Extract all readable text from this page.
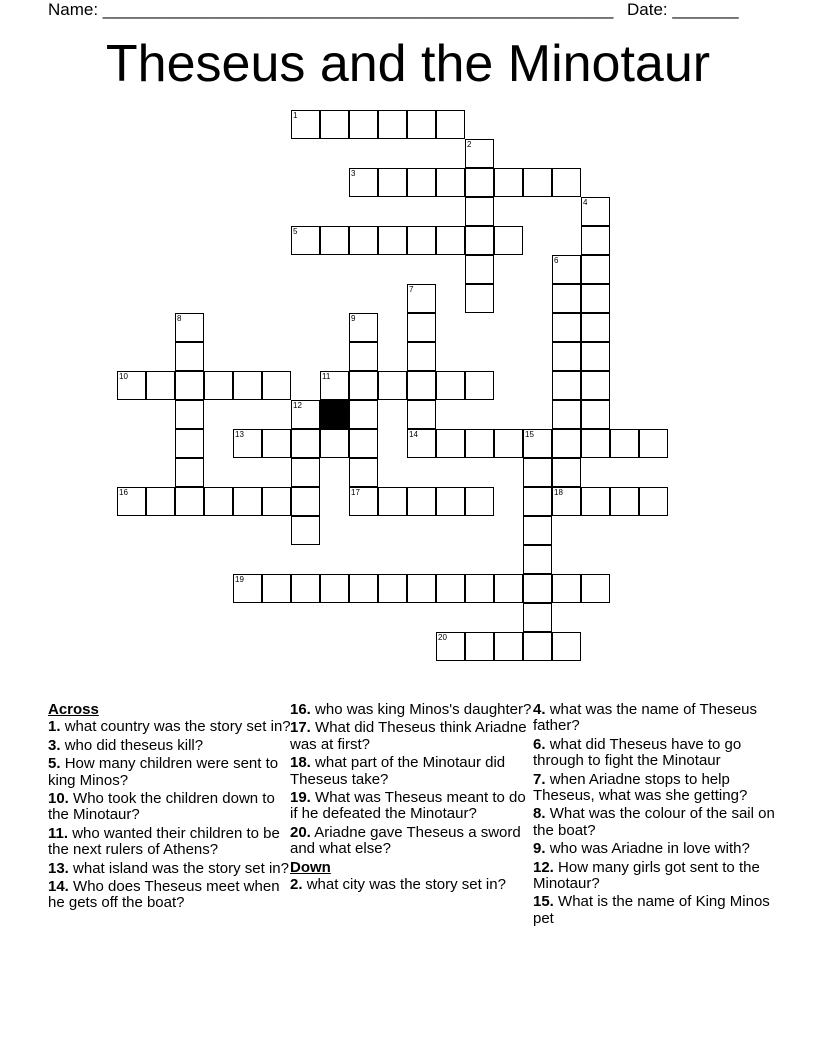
Name: ______________________________________________________ Date: _______
Theseus and the Minotaur
1
2
3
4
5
6
18
7
14
8	9
17
10	11
12
13	15
16
19
20
Across
1. what country was the story set in?
3. who did theseus kill?
5. How many children were sent to king Minos?
10. Who took the children down to the Minotaur?
11. who wanted their children to be the next rulers of Athens?
13. what island was the story set in?
14. Who does Theseus meet when he gets off the boat?
16. who was king Minos's daughter?
17. What did Theseus think Ariadne was at first?
18. what part of the Minotaur did Theseus take?
19. What was Theseus meant to do if he defeated the Minotaur?
20. Ariadne gave Theseus a sword and what else?
Down
2. what city was the story set in?
4. what was the name of Theseus father?
6. what did Theseus have to go through to fight the Minotaur
7. when Ariadne stops to help Theseus, what was she getting?
8. What was the colour of the sail on the boat?
9. who was Ariadne in love with?
12. How many girls got sent to the Minotaur?
15. What is the name of King Minos pet
